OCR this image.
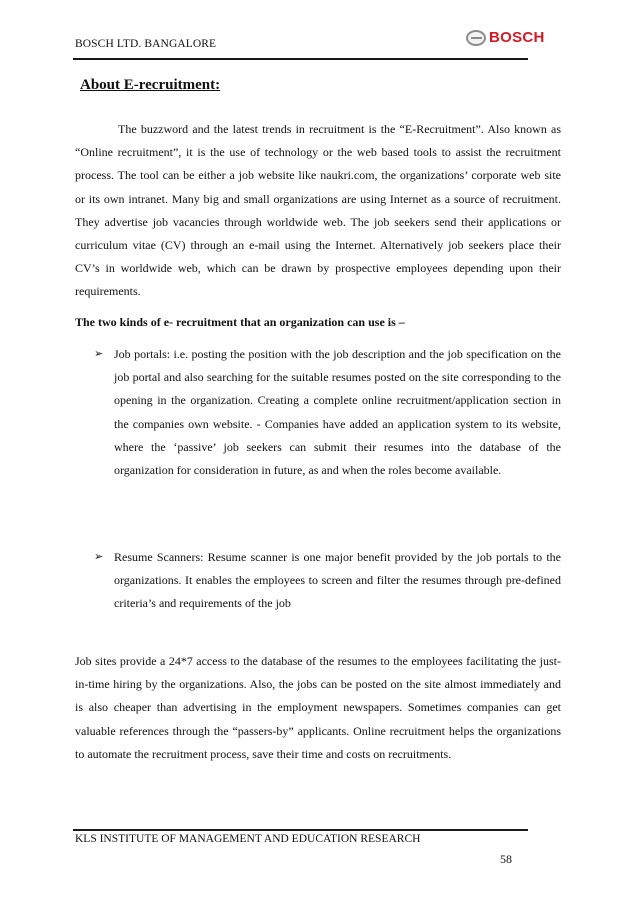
BOSCH LTD. BANGALORE	BOSCH
About E-recruitment:

The buzzword and the latest trends in recruitment is the “E-Recruitment”. Also known as “Online recruitment”, it is the use of technology or the web based tools to assist the recruitment process. The tool can be either a job website like naukri.com, the organizations’ corporate web site or its own intranet. Many big and small organizations are using Internet as a source of recruitment. They advertise job vacancies through worldwide web. The job seekers send their applications or curriculum vitae (CV) through an e-mail using the Internet. Alternatively job seekers place their CV’s in worldwide web, which can be drawn by prospective employees depending upon their requirements.

The two kinds of e- recruitment that an organization can use is –
➢ Job portals: i.e. posting the position with the job description and the job specification on the job portal and also searching for the suitable resumes posted on the site corresponding to the opening in the organization. Creating a complete online recruitment/application section in the companies own website. - Companies have added an application system to its website, where the ‘passive’ job seekers can submit their resumes into the database of the organization for consideration in future, as and when the roles become available.

➢ Resume Scanners: Resume scanner is one major benefit provided by the job portals to the organizations. It enables the employees to screen and filter the resumes through pre-defined criteria’s and requirements of the job

Job sites provide a 24*7 access to the database of the resumes to the employees facilitating the just-in-time hiring by the organizations. Also, the jobs can be posted on the site almost immediately and is also cheaper than advertising in the employment newspapers. Sometimes companies can get valuable references through the “passers-by” applicants. Online recruitment helps the organizations to automate the recruitment process, save their time and costs on recruitments.

KLS INSTITUTE OF MANAGEMENT AND EDUCATION RESEARCH
58
